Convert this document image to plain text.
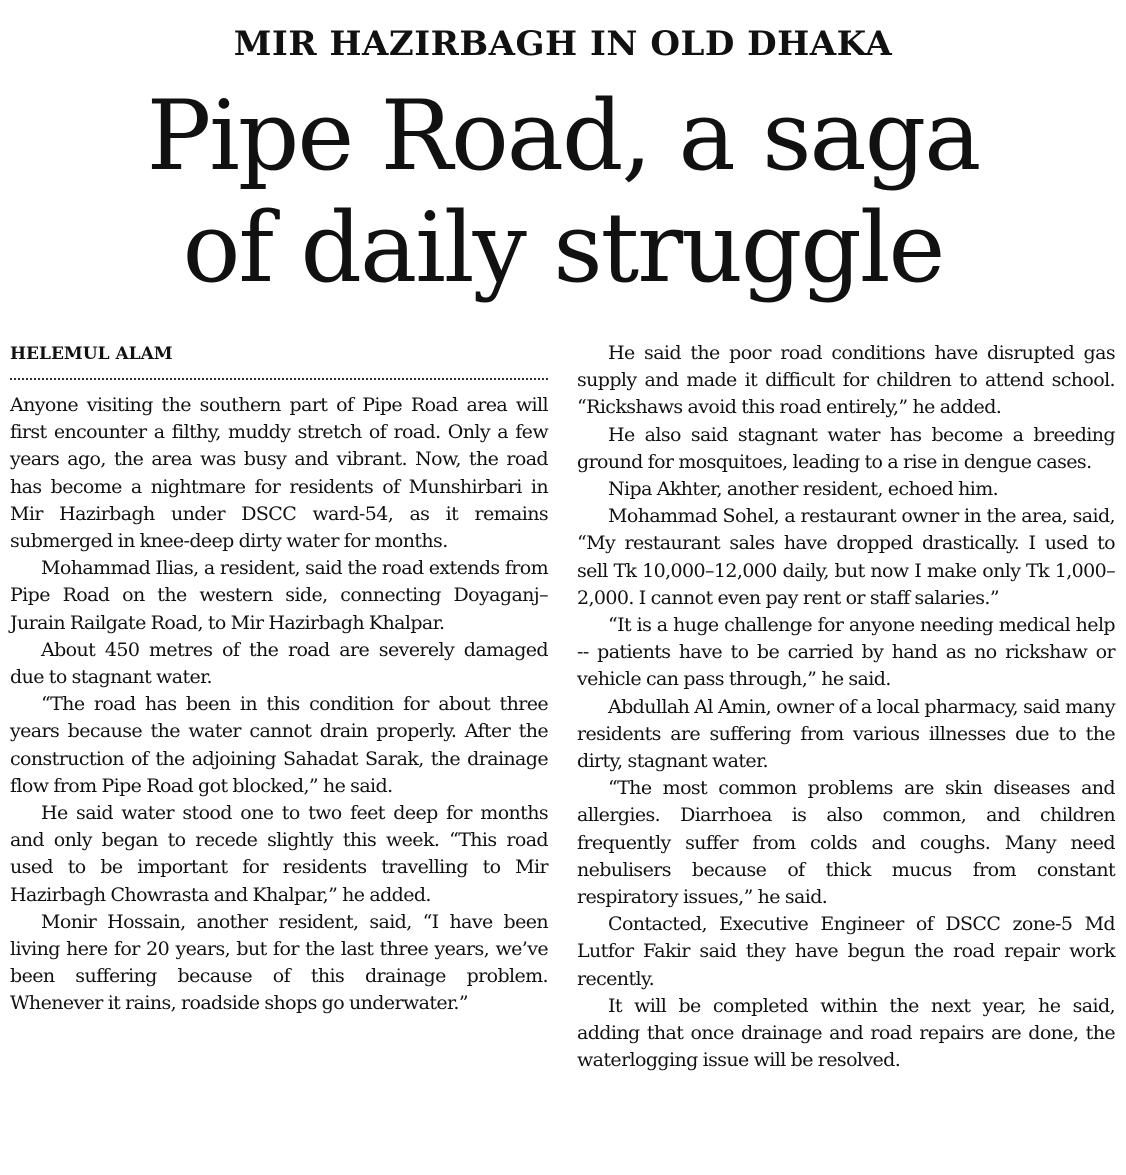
MIR HAZIRBAGH IN OLD DHAKA
Pipe Road, a saga
of daily struggle
HELEMUL ALAM

Anyone visiting the southern part of Pipe Road area will first encounter a filthy, muddy stretch of road. Only a few years ago, the area was busy and vibrant. Now, the road has become a nightmare for residents of Munshirbari in Mir Hazirbagh under DSCC ward-54, as it remains submerged in knee-deep dirty water for months.

Mohammad Ilias, a resident, said the road extends from Pipe Road on the western side, connecting Doyaganj–Jurain Railgate Road, to Mir Hazirbagh Khalpar.

About 450 metres of the road are severely damaged due to stagnant water.

“The road has been in this condition for about three years because the water cannot drain properly. After the construction of the adjoining Sahadat Sarak, the drainage flow from Pipe Road got blocked,” he said.

He said water stood one to two feet deep for months and only began to recede slightly this week. “This road used to be important for residents travelling to Mir Hazirbagh Chowrasta and Khalpar,” he added.

Monir Hossain, another resident, said, “I have been living here for 20 years, but for the last three years, we’ve been suffering because of this drainage problem. Whenever it rains, roadside shops go underwater.”

He said the poor road conditions have disrupted gas supply and made it difficult for children to attend school. “Rickshaws avoid this road entirely,” he added.

He also said stagnant water has become a breeding ground for mosquitoes, leading to a rise in dengue cases.

Nipa Akhter, another resident, echoed him.

Mohammad Sohel, a restaurant owner in the area, said, “My restaurant sales have dropped drastically. I used to sell Tk 10,000–12,000 daily, but now I make only Tk 1,000–2,000. I cannot even pay rent or staff salaries.”

“It is a huge challenge for anyone needing medical help -- patients have to be carried by hand as no rickshaw or vehicle can pass through,” he said.

Abdullah Al Amin, owner of a local pharmacy, said many residents are suffering from various illnesses due to the dirty, stagnant water.

“The most common problems are skin diseases and allergies. Diarrhoea is also common, and children frequently suffer from colds and coughs. Many need nebulisers because of thick mucus from constant respiratory issues,” he said.

Contacted, Executive Engineer of DSCC zone-5 Md Lutfor Fakir said they have begun the road repair work recently.

It will be completed within the next year, he said, adding that once drainage and road repairs are done, the waterlogging issue will be resolved.
